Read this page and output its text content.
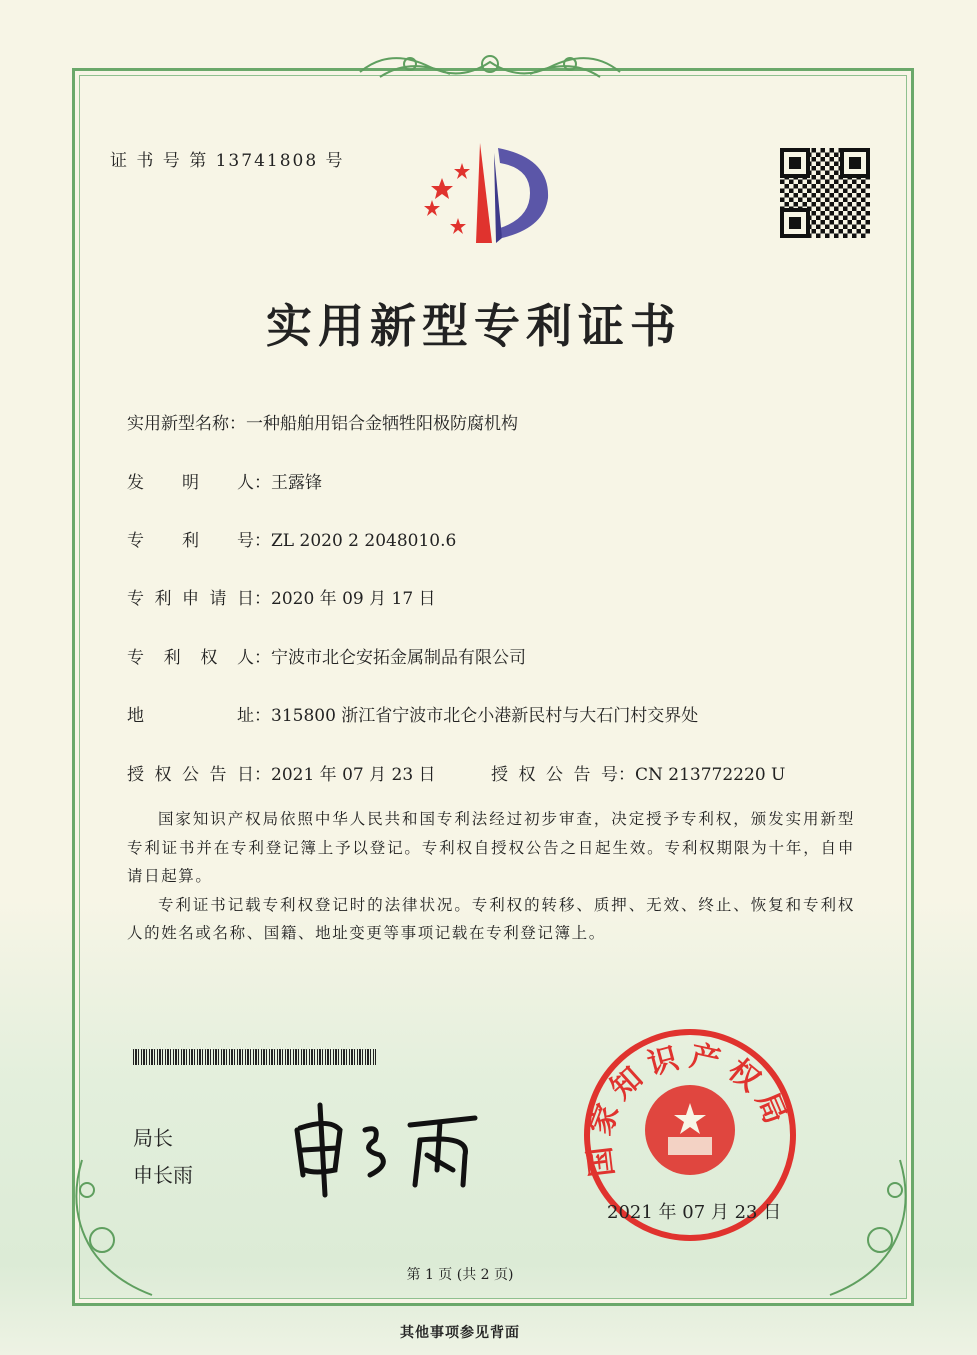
证 书 号 第 13741808 号
实用新型专利证书
实用新型名称：一种船舶用铝合金牺牲阳极防腐机构
发明人：王露锋
专利号：ZL 2020 2 2048010.6
专利申请日：2020 年 09 月 17 日
专利权人：宁波市北仑安拓金属制品有限公司
地址：315800 浙江省宁波市北仑小港新民村与大石门村交界处
授权公告日：2021 年 07 月 23 日	授权公告号：CN 213772220 U

国家知识产权局依照中华人民共和国专利法经过初步审查，决定授予专利权，颁发实用新型专利证书并在专利登记簿上予以登记。专利权自授权公告之日起生效。专利权期限为十年，自申请日起算。

专利证书记载专利权登记时的法律状况。专利权的转移、质押、无效、终止、恢复和专利权人的姓名或名称、国籍、地址变更等事项记载在专利登记簿上。

局长
申长雨	国家知识产权局
2021 年 07 月 23 日
第 1 页 (共 2 页)
其他事项参见背面
